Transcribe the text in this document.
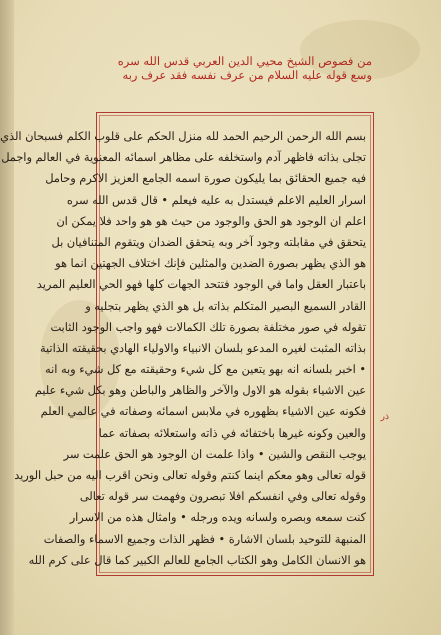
من فصوص الشيخ محيي الدين العربي قدس الله سره
وسع قوله عليه السلام من عرف نفسه فقد عرف ربه
بسم الله الرحمن الرحيم الحمد لله منزل الحكم على قلوب الكلم فسبحان الذي
تجلى بذاته فاظهر آدم واستخلفه على مظاهر اسمائه المعنوية في العالم واجمل
فيه جميع الحقائق بما يليكون صورة اسمه الجامع العزيز الاكرم وحامل
اسرار العليم الاعلم فيستدل به عليه فيعلم • قال قدس الله سره
اعلم ان الوجود هو الحق والوجود من حيث هو هو واحد فلا يمكن ان
يتحقق في مقابلته وجود آخر وبه يتحقق الضدان ويتقوم المتنافيان بل
هو الذي يظهر بصورة الضدين والمثلين فإنك اختلاف الجهتين انما هو
باعتبار العقل واما في الوجود فتتحد الجهات كلها فهو الحي العليم المريد
القادر السميع البصير المتكلم بذاته بل هو الذي يظهر بتجليه و
تقوله في صور مختلفة بصورة تلك الكمالات فهو واجب الوجود الثابت
بذاته المثبت لغيره المدعو بلسان الانبياء والاولياء الهادي بحقيقته الذاتية
• اخبر بلسانه انه بهو يتعين مع كل شيء وحقيقته مع كل شيء وبه انه
عين الاشياء بقوله هو الاول والآخر والظاهر والباطن وهو بكل شيء عليم
فكونه عين الاشياء بظهوره في ملابس اسمائه وصفاته في عالمي العلم
والعين وكونه غيرها باختفائه في ذاته واستعلائه بصفاته عما
يوجب النقص والشين • واذا علمت ان الوجود هو الحق علمت سر
قوله تعالى وهو معكم اينما كنتم وقوله تعالى ونحن اقرب اليه من حبل الوريد
وقوله تعالى وفي انفسكم افلا تبصرون وفهمت سر قوله تعالى
كنت سمعه وبصره ولسانه ويده ورجله • وامثال هذه من الاسرار
المنبهة للتوحيد بلسان الاشارة • فظهر الذات وجميع الاسماء والصفات
هو الانسان الكامل وهو الكتاب الجامع للعالم الكبير كما قال على كرم الله
ذر
